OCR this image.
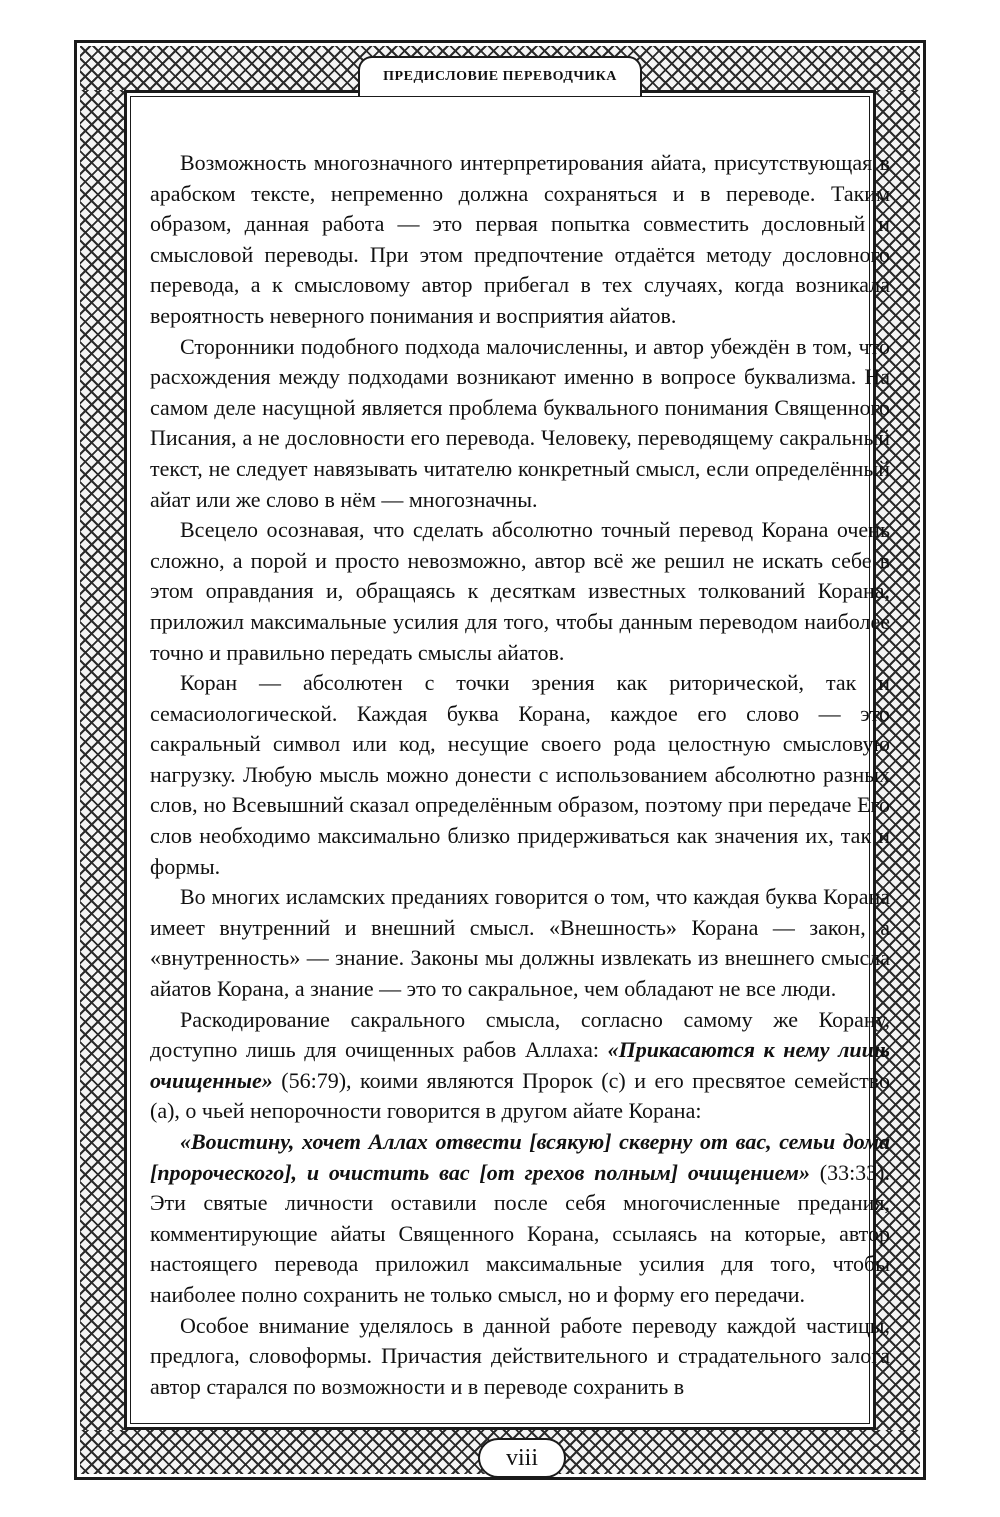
ПРЕДИСЛОВИЕ ПЕРЕВОДЧИКА

Возможность многозначного интерпретирования айата, присутствующая в арабском тексте, непременно должна сохраняться и в переводе. Таким образом, данная работа — это первая попытка совместить дословный и смысловой переводы. При этом предпочтение отдаётся методу дословного перевода, а к смысловому автор прибегал в тех случаях, когда возникала вероятность неверного понимания и восприятия айатов.

Сторонники подобного подхода малочисленны, и автор убеждён в том, что расхождения между подходами возникают именно в вопросе буквализма. На самом деле насущной является проблема буквального понимания Священного Писания, а не дословности его перевода. Человеку, переводящему сакральный текст, не следует навязывать читателю конкретный смысл, если определённый айат или же слово в нём — многозначны.

Всецело осознавая, что сделать абсолютно точный перевод Корана очень сложно, а порой и просто невозможно, автор всё же решил не искать себе в этом оправдания и, обращаясь к десяткам известных толкований Корана, приложил максимальные усилия для того, чтобы данным переводом наиболее точно и правильно передать смыслы айатов.

Коран — абсолютен с точки зрения как риторической, так и семасиологической. Каждая буква Корана, каждое его слово — это сакральный символ или код, несущие своего рода целостную смысловую нагрузку. Любую мысль можно донести с использованием абсолютно разных слов, но Всевышний сказал определённым образом, поэтому при передаче Его слов необходимо максимально близко придерживаться как значения их, так и формы.

Во многих исламских преданиях говорится о том, что каждая буква Корана имеет внутренний и внешний смысл. «Внешность» Корана — закон, а «внутренность» — знание. Законы мы должны извлекать из внешнего смысла айатов Корана, а знание — это то сакральное, чем обладают не все люди.

Раскодирование сакрального смысла, согласно самому же Корану, доступно лишь для очищенных рабов Аллаха: «Прикасаются к нему лишь очищенные» (56:79), коими являются Пророк (с) и его пресвятое семейство (а), о чьей непорочности говорится в другом айате Корана:

«Воистину, хочет Аллах отвести [всякую] скверну от вас, семьи дома [пророческого], и очистить вас [от грехов полным] очищением» (33:33). Эти святые личности оставили после себя многочисленные предания, комментирующие айаты Священного Корана, ссылаясь на которые, автор настоящего перевода приложил максимальные усилия для того, чтобы наиболее полно сохранить не только смысл, но и форму его передачи.

Особое внимание уделялось в данной работе переводу каждой частицы, предлога, словоформы. Причастия действительного и страдательного залога автор старался по возможности и в переводе сохранить в

viii
